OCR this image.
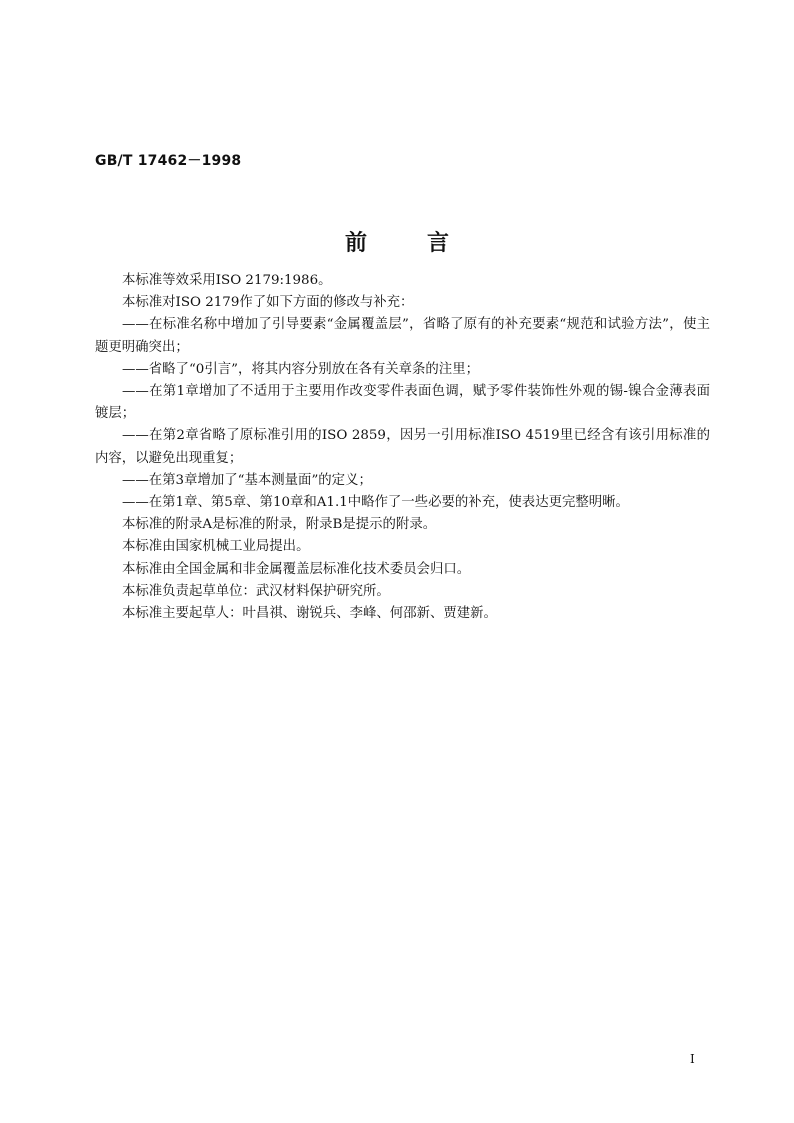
GB/T 17462－1998
前言

本标准等效采用ISO 2179:1986。

本标准对ISO 2179作了如下方面的修改与补充：

——在标准名称中增加了引导要素“金属覆盖层”，省略了原有的补充要素“规范和试验方法”，使主题更明确突出；

——省略了“0引言”，将其内容分别放在各有关章条的注里；

——在第1章增加了不适用于主要用作改变零件表面色调，赋予零件装饰性外观的锡-镍合金薄表面镀层；

——在第2章省略了原标准引用的ISO 2859，因另一引用标准ISO 4519里已经含有该引用标准的内容，以避免出现重复；

——在第3章增加了“基本测量面”的定义；

——在第1章、第5章、第10章和A1.1中略作了一些必要的补充，使表达更完整明晰。

本标准的附录A是标准的附录，附录B是提示的附录。

本标准由国家机械工业局提出。

本标准由全国金属和非金属覆盖层标准化技术委员会归口。

本标准负责起草单位：武汉材料保护研究所。

本标准主要起草人：叶昌祺、谢锐兵、李峰、何邵新、贾建新。

I
